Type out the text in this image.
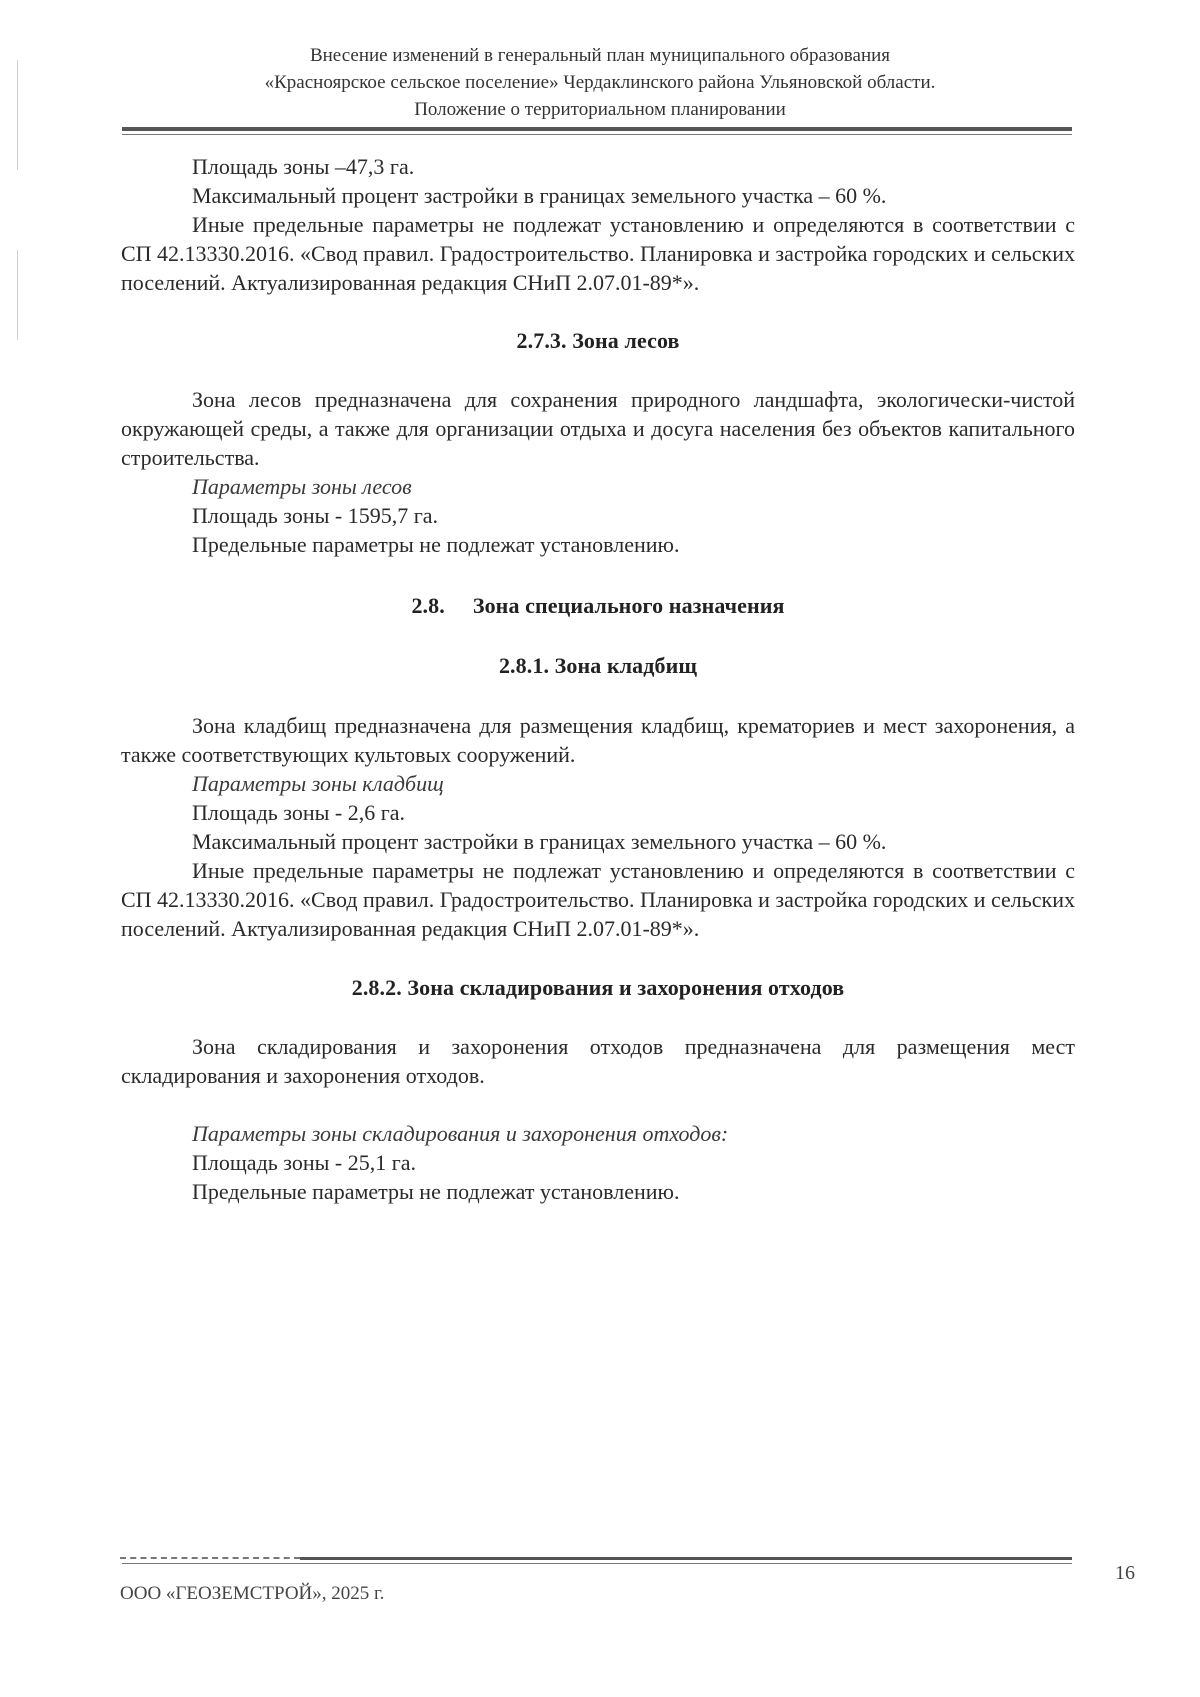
Внесение изменений в генеральный план муниципального образования
«Красноярское сельское поселение» Чердаклинского района Ульяновской области.
Положение о территориальном планировании

Площадь зоны –47,3 га.

Максимальный процент застройки в границах земельного участка – 60 %.

Иные предельные параметры не подлежат установлению и определяются в соответствии с СП 42.13330.2016. «Свод правил. Градостроительство. Планировка и застройка городских и сельских поселений. Актуализированная редакция СНиП 2.07.01-89*».

2.7.3. Зона лесов

Зона лесов предназначена для сохранения природного ландшафта, экологически-чистой окружающей среды, а также для организации отдыха и досуга населения без объектов капитального строительства.

Параметры зоны лесов

Площадь зоны - 1595,7 га.

Предельные параметры не подлежат установлению.

2.8. Зона специального назначения
2.8.1. Зона кладбищ

Зона кладбищ предназначена для размещения кладбищ, крематориев и мест захоронения, а также соответствующих культовых сооружений.

Параметры зоны кладбищ

Площадь зоны - 2,6 га.

Максимальный процент застройки в границах земельного участка – 60 %.

Иные предельные параметры не подлежат установлению и определяются в соответствии с СП 42.13330.2016. «Свод правил. Градостроительство. Планировка и застройка городских и сельских поселений. Актуализированная редакция СНиП 2.07.01-89*».

2.8.2. Зона складирования и захоронения отходов

Зона складирования и захоронения отходов предназначена для размещения мест складирования и захоронения отходов.

Параметры зоны складирования и захоронения отходов:

Площадь зоны - 25,1 га.

Предельные параметры не подлежат установлению.

ООО «ГЕОЗЕМСТРОЙ», 2025 г.
16
